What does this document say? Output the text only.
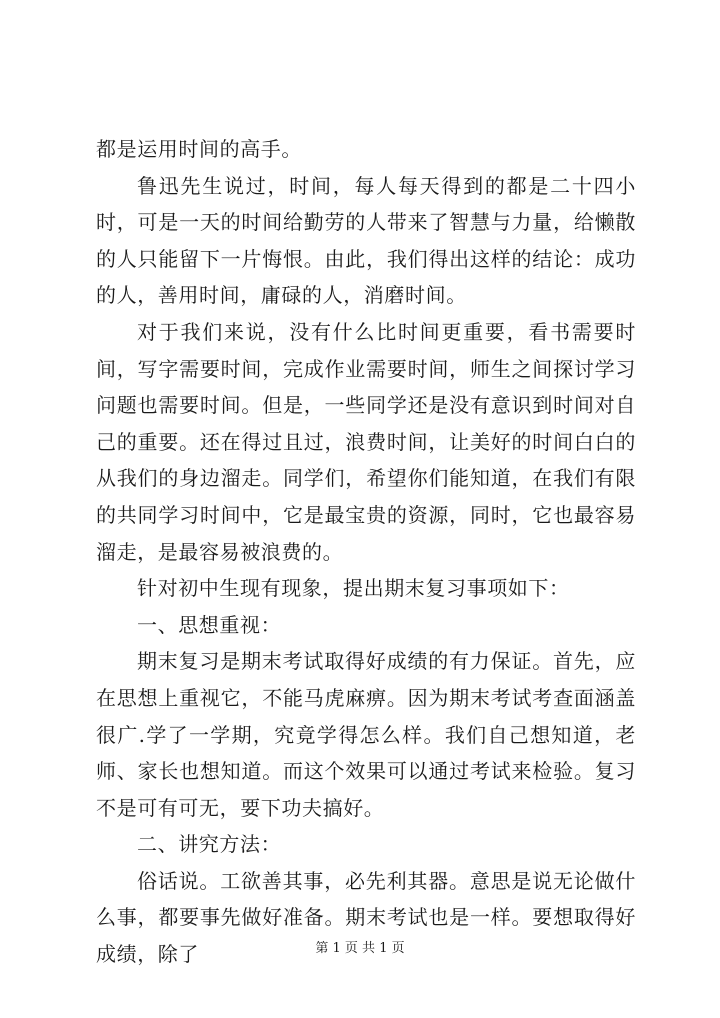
都是运用时间的高手。

鲁迅先生说过，时间，每人每天得到的都是二十四小时，可是一天的时间给勤劳的人带来了智慧与力量，给懒散的人只能留下一片悔恨。由此，我们得出这样的结论：成功的人，善用时间，庸碌的人，消磨时间。

对于我们来说，没有什么比时间更重要，看书需要时间，写字需要时间，完成作业需要时间，师生之间探讨学习问题也需要时间。但是，一些同学还是没有意识到时间对自己的重要。还在得过且过，浪费时间，让美好的时间白白的从我们的身边溜走。同学们，希望你们能知道，在我们有限的共同学习时间中，它是最宝贵的资源，同时，它也最容易溜走，是最容易被浪费的。

针对初中生现有现象，提出期末复习事项如下：

一、思想重视：

期末复习是期末考试取得好成绩的有力保证。首先，应在思想上重视它，不能马虎麻痹。因为期末考试考查面涵盖很广.学了一学期，究竟学得怎么样。我们自己想知道，老师、家长也想知道。而这个效果可以通过考试来检验。复习不是可有可无，要下功夫搞好。

二、讲究方法：

俗话说。工欲善其事，必先利其器。意思是说无论做什么事，都要事先做好准备。期末考试也是一样。要想取得好成绩，除了	第 1 页 共 1 页
